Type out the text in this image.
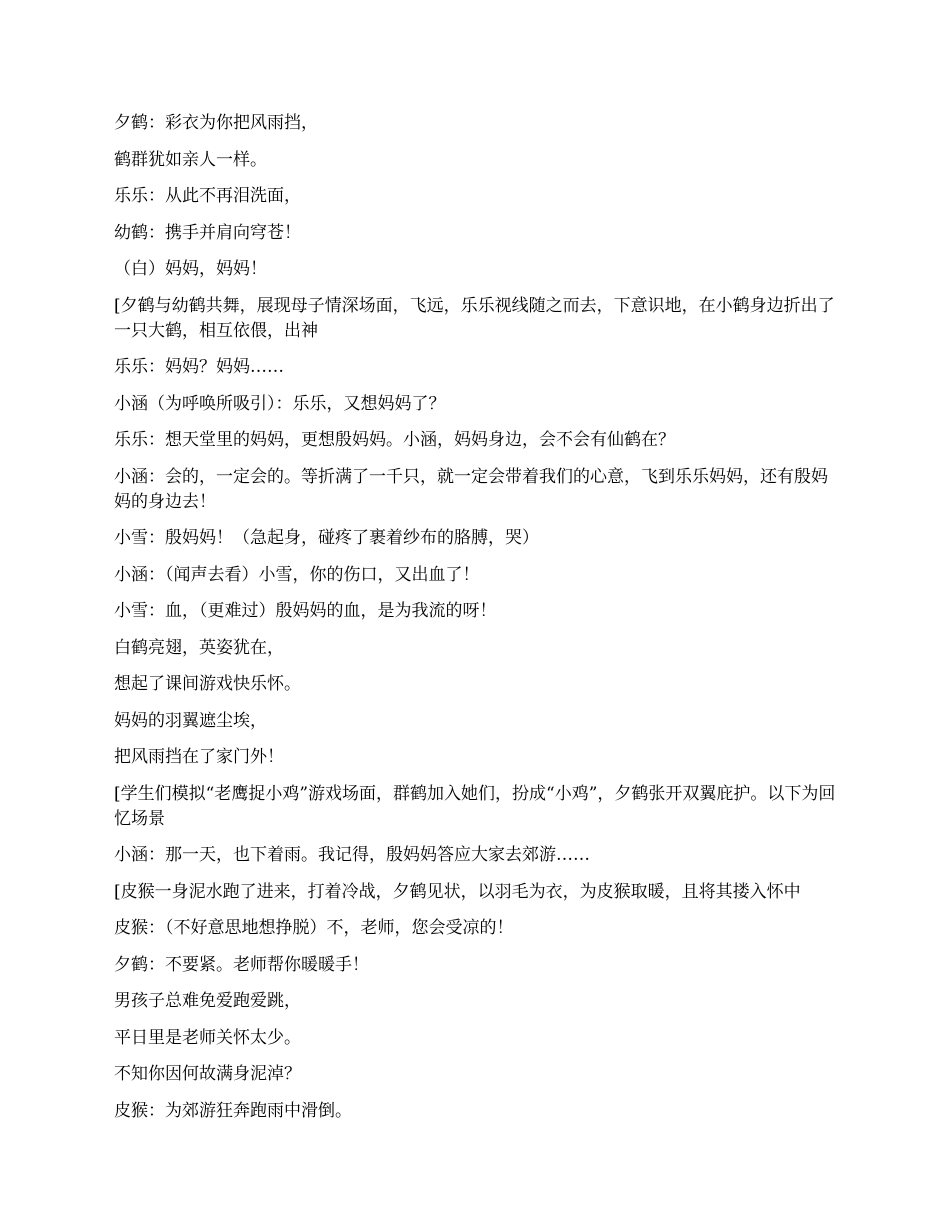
夕鹤：彩衣为你把风雨挡，

鹤群犹如亲人一样。

乐乐：从此不再泪洗面，

幼鹤：携手并肩向穹苍！

（白）妈妈，妈妈！

[夕鹤与幼鹤共舞，展现母子情深场面，飞远，乐乐视线随之而去，下意识地，在小鹤身边折出了一只大鹤，相互依偎，出神

乐乐：妈妈？妈妈……

小涵（为呼唤所吸引）：乐乐，又想妈妈了？

乐乐：想天堂里的妈妈，更想殷妈妈。小涵，妈妈身边，会不会有仙鹤在？

小涵：会的，一定会的。等折满了一千只，就一定会带着我们的心意，飞到乐乐妈妈，还有殷妈妈的身边去！

小雪：殷妈妈！（急起身，碰疼了裹着纱布的胳膊，哭）

小涵：（闻声去看）小雪，你的伤口，又出血了！

小雪：血，（更难过）殷妈妈的血，是为我流的呀！

白鹤亮翅，英姿犹在，

想起了课间游戏快乐怀。

妈妈的羽翼遮尘埃，

把风雨挡在了家门外！

[学生们模拟“老鹰捉小鸡”游戏场面，群鹤加入她们，扮成“小鸡”，夕鹤张开双翼庇护。以下为回忆场景

小涵：那一天，也下着雨。我记得，殷妈妈答应大家去郊游……

[皮猴一身泥水跑了进来，打着冷战，夕鹤见状，以羽毛为衣，为皮猴取暖，且将其搂入怀中

皮猴：（不好意思地想挣脱）不，老师，您会受凉的！

夕鹤：不要紧。老师帮你暖暖手！

男孩子总难免爱跑爱跳，

平日里是老师关怀太少。

不知你因何故满身泥淖？

皮猴：为郊游狂奔跑雨中滑倒。
